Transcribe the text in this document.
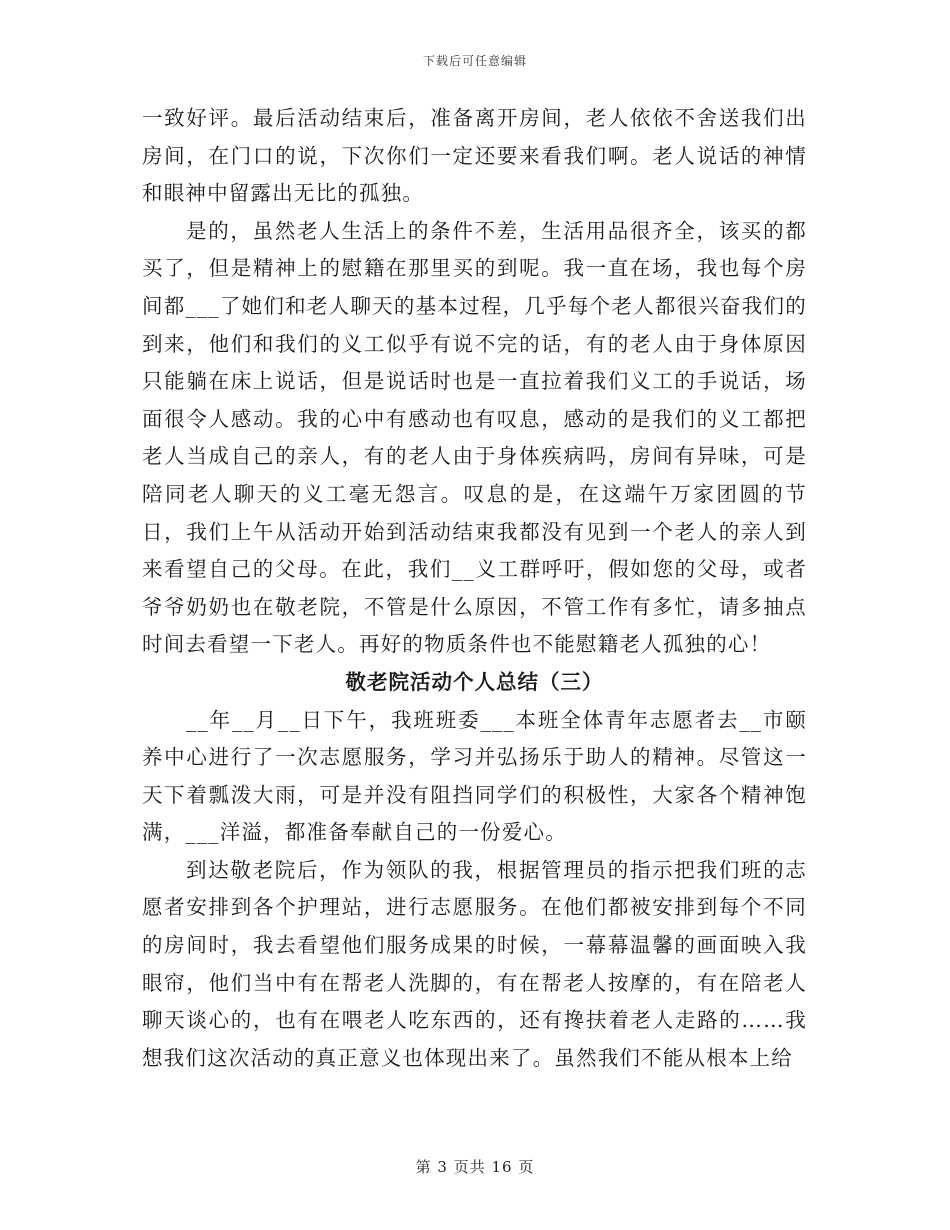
下载后可任意编辑

一致好评。最后活动结束后，准备离开房间，老人依依不舍送我们出房间，在门口的说，下次你们一定还要来看我们啊。老人说话的神情和眼神中留露出无比的孤独。

是的，虽然老人生活上的条件不差，生活用品很齐全，该买的都买了，但是精神上的慰籍在那里买的到呢。我一直在场，我也每个房间都___了她们和老人聊天的基本过程，几乎每个老人都很兴奋我们的到来，他们和我们的义工似乎有说不完的话，有的老人由于身体原因只能躺在床上说话，但是说话时也是一直拉着我们义工的手说话，场面很令人感动。我的心中有感动也有叹息，感动的是我们的义工都把老人当成自己的亲人，有的老人由于身体疾病吗，房间有异味，可是陪同老人聊天的义工毫无怨言。叹息的是，在这端午万家团圆的节日，我们上午从活动开始到活动结束我都没有见到一个老人的亲人到来看望自己的父母。在此，我们__义工群呼吁，假如您的父母，或者爷爷奶奶也在敬老院，不管是什么原因，不管工作有多忙，请多抽点时间去看望一下老人。再好的物质条件也不能慰籍老人孤独的心！

敬老院活动个人总结（三）

__年__月__日下午，我班班委___本班全体青年志愿者去__市颐养中心进行了一次志愿服务，学习并弘扬乐于助人的精神。尽管这一天下着瓢泼大雨，可是并没有阻挡同学们的积极性，大家各个精神饱满，___洋溢，都准备奉献自己的一份爱心。

到达敬老院后，作为领队的我，根据管理员的指示把我们班的志愿者安排到各个护理站，进行志愿服务。在他们都被安排到每个不同的房间时，我去看望他们服务成果的时候，一幕幕温馨的画面映入我眼帘，他们当中有在帮老人洗脚的，有在帮老人按摩的，有在陪老人聊天谈心的，也有在喂老人吃东西的，还有搀扶着老人走路的……我想我们这次活动的真正意义也体现出来了。虽然我们不能从根本上给

第 3 页共 16 页
